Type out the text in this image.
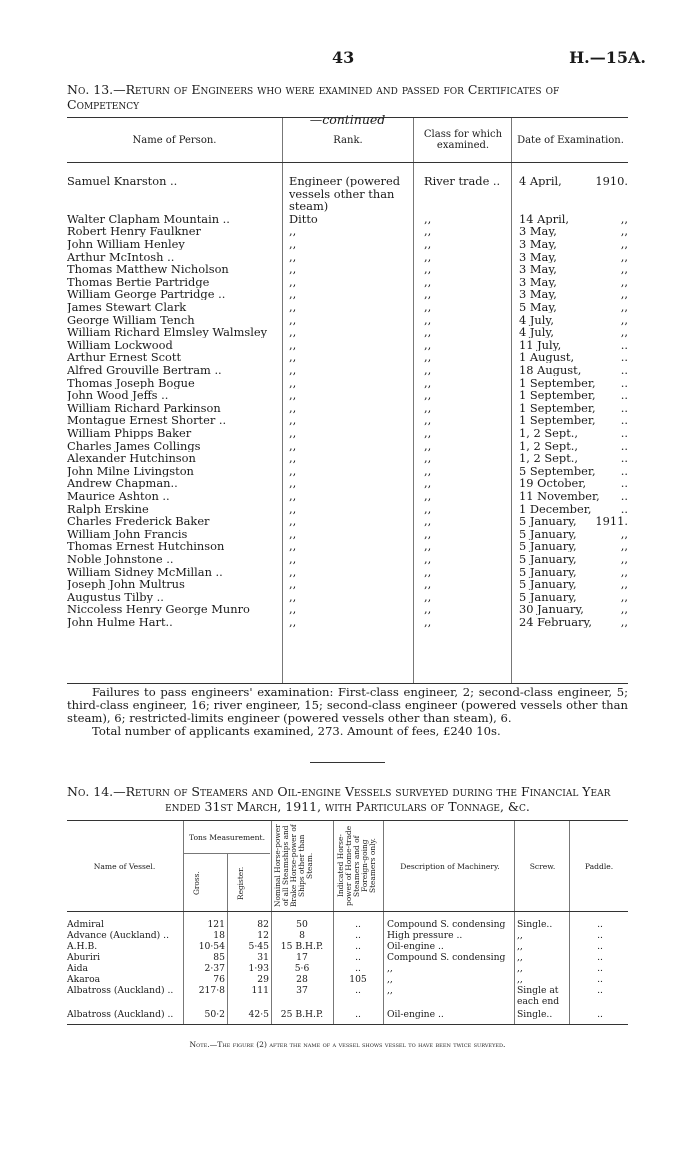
43	H.—15A.
No. 13.—Return of Engineers who were examined and passed for Certificates of Competency
—continued
Name of Person.	Rank.	Class for which examined.	Date of Examination.
Samuel Knarston ..	Engineer (powered	River trade ..	4 April,	1910.
vessels other than
steam)
Walter Clapham Mountain ..	Ditto	,,	14 April,	,,
Robert Henry Faulkner	,,	,,	3 May,	,,
John William Henley	,,	,,	3 May,	,,
Arthur McIntosh ..	,,	,,	3 May,	,,
Thomas Matthew Nicholson	,,	,,	3 May,	,,
Thomas Bertie Partridge	,,	,,	3 May,	,,
William George Partridge ..	,,	,,	3 May,	,,
James Stewart Clark	,,	,,	5 May,	,,
George William Tench	,,	,,	4 July,	,,
William Richard Elmsley Walmsley	,,	,,	4 July,	,,
William Lockwood	,,	,,	11 July,	..
Arthur Ernest Scott	,,	,,	1 August,	..
Alfred Grouville Bertram ..	,,	,,	18 August,	..
Thomas Joseph Bogue	,,	,,	1 September,	..
John Wood Jeffs ..	,,	,,	1 September,	..
William Richard Parkinson	,,	,,	1 September,	..
Montague Ernest Shorter ..	,,	,,	1 September,	..
William Phipps Baker	,,	,,	1, 2 Sept.,	..
Charles James Collings	,,	,,	1, 2 Sept.,	..
Alexander Hutchinson	,,	,,	1, 2 Sept.,	..
John Milne Livingston	,,	,,	5 September,	..
Andrew Chapman..	,,	,,	19 October,	..
Maurice Ashton ..	,,	,,	11 November,	..
Ralph Erskine	,,	,,	1 December,	..
Charles Frederick Baker	,,	,,	5 January,	1911.
William John Francis	,,	,,	5 January,	,,
Thomas Ernest Hutchinson	,,	,,	5 January,	,,
Noble Johnstone ..	,,	,,	5 January,	,,
William Sidney McMillan ..	,,	,,	5 January,	,,
Joseph John Multrus	,,	,,	5 January,	,,
Augustus Tilby ..	,,	,,	5 January,	,,
Niccoless Henry George Munro	,,	,,	30 January,	,,
John Hulme Hart..	,,	,,	24 February,	,,
Failures to pass engineers' examination: First-class engineer, 2; second-class engineer, 5; third-class engineer, 16; river engineer, 15; second-class engineer (powered vessels other than steam), 6; restricted-limits engineer (powered vessels other than steam), 6.
Total number of applicants examined, 273. Amount of fees, £240 10s.
No. 14.—Return of Steamers and Oil-engine Vessels surveyed during the Financial Year
ended 31st March, 1911, with Particulars of Tonnage, &c.
Name of Vessel.
Tons Measurement.
Gross.	Register.	Nominal Horse-power of all Steamships and Brake Horse-power of Ships other than Steam.	Indicated Horse-power of Home-trade Steamers and of Foreign-going Steamers only.	Description of Machinery.	Screw.	Paddle.
Admiral	121	82	50	..	Compound S. condensing	Single..	..
Advance (Auckland) ..	18	12	8	..	High pressure ..	,,	..
A.H.B.	10·54	5·45	15 B.H.P.	..	Oil-engine ..	,,	..
Aburiri	85	31	17	..	Compound S. condensing	,,	..
Aida	2·37	1·93	5·6	..	,,	,,	..
Akaroa	76	29	28	105	,,	,,	..
Albatross (Auckland) ..	217·8	111	37	..	,,	Single at	..
each end
Albatross (Auckland) ..	50·2	42·5	25 B.H.P.	..	Oil-engine ..	Single..	..
Note.—The figure (2) after the name of a vessel shows vessel to have been twice surveyed.
